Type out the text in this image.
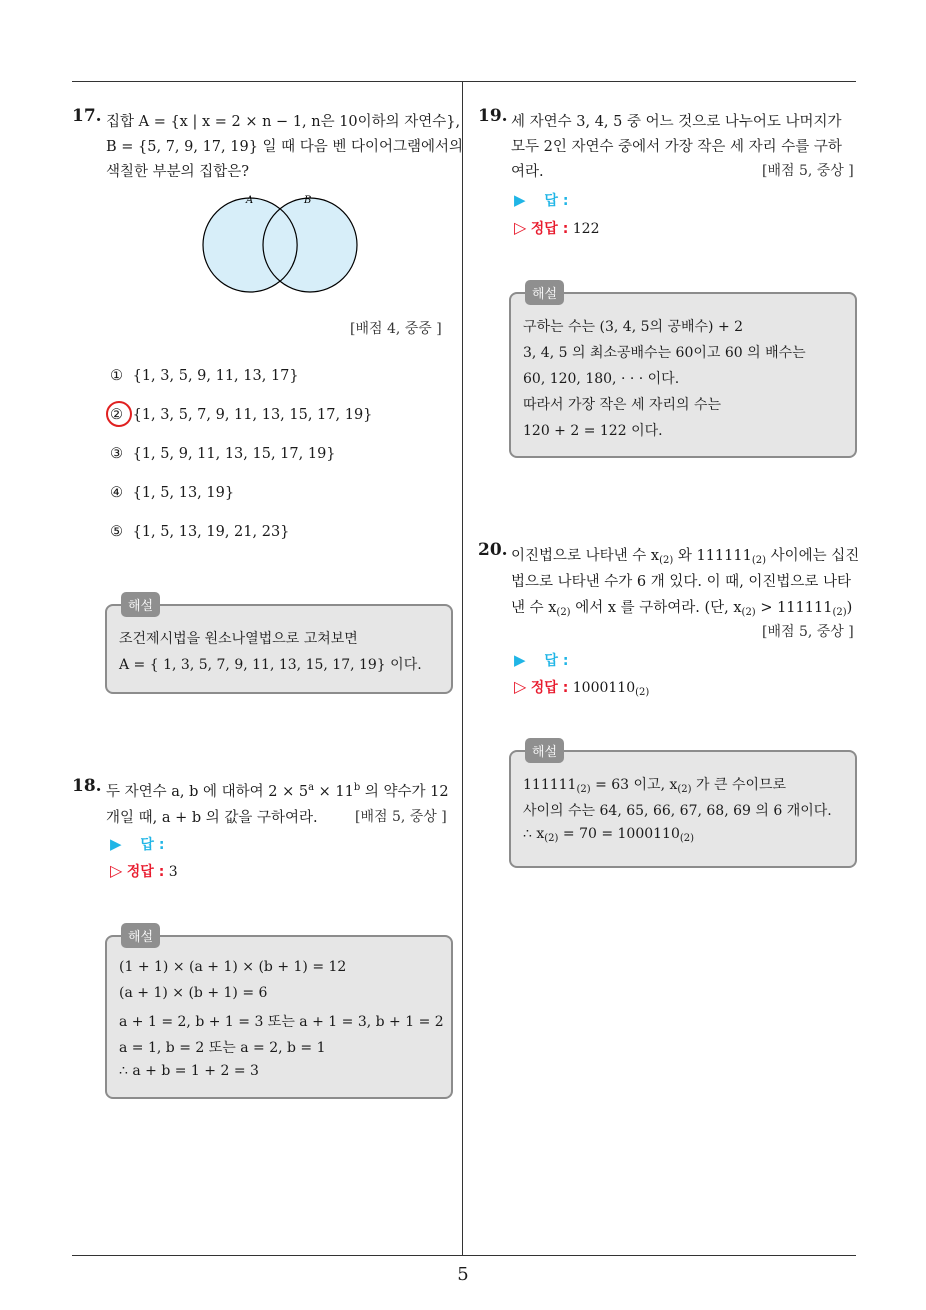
5
17. 집합 A = {x | x = 2 × n − 1, n은 10이하의 자연수},
B = {5, 7, 9, 17, 19} 일 때 다음 벤 다이어그램에서의
색칠한 부분의 집합은?
A	B
[배점 4, 중중 ]
① {1, 3, 5, 9, 11, 13, 17}
② {1, 3, 5, 7, 9, 11, 13, 15, 17, 19}
③ {1, 5, 9, 11, 13, 15, 17, 19}
④ {1, 5, 13, 19}
⑤ {1, 5, 13, 19, 21, 23}
해설
조건제시법을 원소나열법으로 고쳐보면
A = { 1, 3, 5, 7, 9, 11, 13, 15, 17, 19} 이다.
18. 두 자연수 a, b 에 대하여 $2 \times 5^a \times 11^b$ 의 약수가 12
개일 때, a + b 의 값을 구하여라.	[배점 5, 중상 ]
▶ 답 :
▷ 정답 : 3
해설
(1 + 1) × (a + 1) × (b + 1) = 12
(a + 1) × (b + 1) = 6
a + 1 = 2, b + 1 = 3 또는 a + 1 = 3, b + 1 = 2
a = 1, b = 2 또는 a = 2, b = 1
∴ a + b = 1 + 2 = 3
19. 세 자연수 3, 4, 5 중 어느 것으로 나누어도 나머지가
모두 2인 자연수 중에서 가장 작은 세 자리 수를 구하
여라.	[배점 5, 중상 ]
▶ 답 :
▷ 정답 : 122
해설
구하는 수는 (3, 4, 5의 공배수) + 2
3, 4, 5 의 최소공배수는 60이고 60 의 배수는
60, 120, 180, · · · 이다.
따라서 가장 작은 세 자리의 수는
120 + 2 = 122 이다.
20. 이진법으로 나타낸 수 $x_{(2)}$ 와 $111111_{(2)}$ 사이에는 십진
법으로 나타낸 수가 6 개 있다. 이 때, 이진법으로 나타
낸 수 $x_{(2)}$ 에서 x 를 구하여라. (단, $x_{(2)} > 111111_{(2)}$)
[배점 5, 중상 ]
▶ 답 :
▷ 정답 : $1000110_{(2)}$
해설
$111111_{(2)} = 63$ 이고, $x_{(2)}$ 가 큰 수이므로
사이의 수는 64, 65, 66, 67, 68, 69 의 6 개이다.
∴ $x_{(2)} = 70 = 1000110_{(2)}$
